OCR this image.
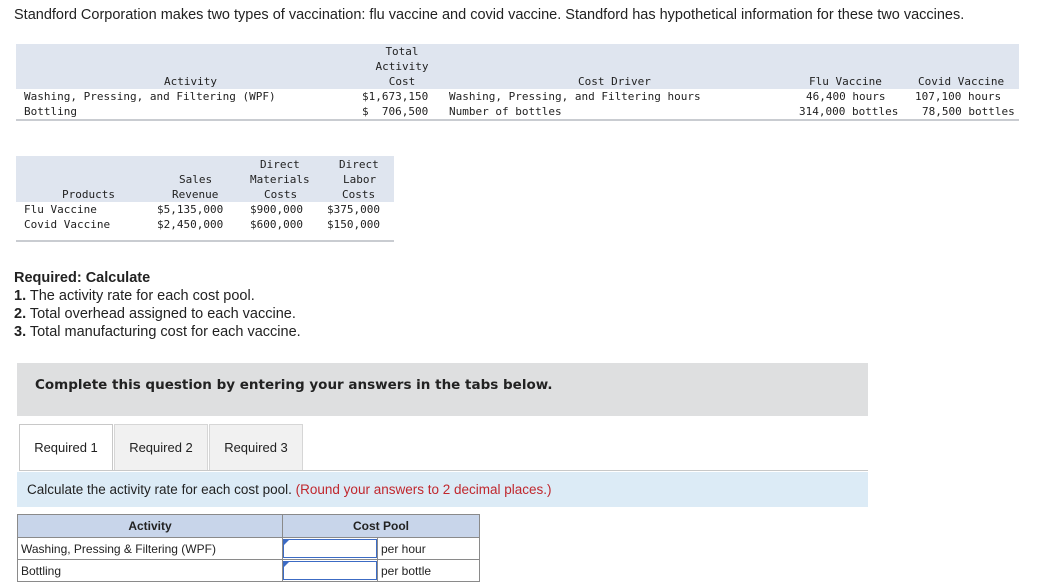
Standford Corporation makes two types of vaccination: flu vaccine and covid vaccine. Standford has hypothetical information for these two vaccines.
Total
Activity
Cost
Activity	Cost Driver	Flu Vaccine	Covid Vaccine
Washing, Pressing, and Filtering (WPF)	$1,673,150 Washing, Pressing, and Filtering hours	46,400 hours	107,100 hours
Bottling	$  706,500 Number of bottles	314,000 bottles 78,500 bottles
Direct	Direct
Sales	Materials	Labor
Products	Revenue	Costs	Costs
Flu Vaccine	$5,135,000 $900,000 $375,000
Covid Vaccine	$2,450,000 $600,000 $150,000
Required: Calculate
1. The activity rate for each cost pool.
2. Total overhead assigned to each vaccine.
3. Total manufacturing cost for each vaccine.
Complete this question by entering your answers in the tabs below.
Required 1	Required 2	Required 3
Calculate the activity rate for each cost pool. (Round your answers to 2 decimal places.)
Activity	Cost Pool	
Washing, Pressing & Filtering (WPF)		per hour
Bottling		per bottle
